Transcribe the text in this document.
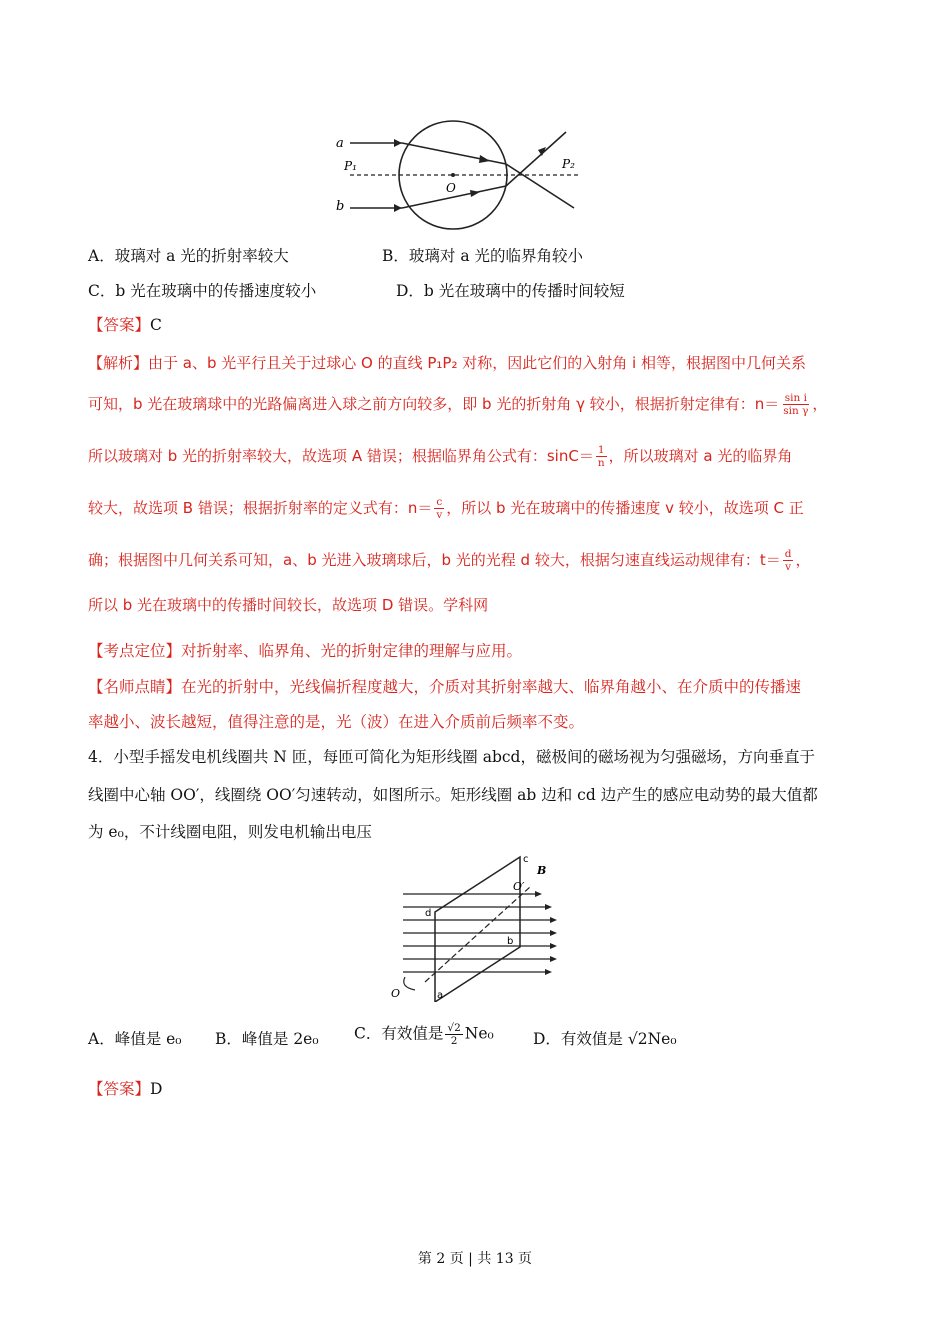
a
P₁
O
P₂
b
A．玻璃对 a 光的折射率较大	B．玻璃对 a 光的临界角较小
C．b 光在玻璃中的传播速度较小	D．b 光在玻璃中的传播时间较短
【答案】C
【解析】由于 a、b 光平行且关于过球心 O 的直线 P₁P₂ 对称，因此它们的入射角 i 相等，根据图中几何关系
可知，b 光在玻璃球中的光路偏离进入球之前方向较多，即 b 光的折射角 γ 较小，根据折射定律有：$n= \frac{\text{sin i}}{\text{sin γ}}$ ，
所以玻璃对 b 光的折射率较大，故选项 A 错误；根据临界角公式有：$\sin C= \frac{1}{n}$ ，所以玻璃对 a 光的临界角
较大，故选项 B 错误；根据折射率的定义式有：$n= \frac{c}{v}$ ，所以 b 光在玻璃中的传播速度 v 较小，故选项 C 正
确；根据图中几何关系可知，a、b 光进入玻璃球后，b 光的光程 d 较大，根据匀速直线运动规律有：$t= \frac{d}{v}$ ，
所以 b 光在玻璃中的传播时间较长，故选项 D 错误。学科网
【考点定位】对折射率、临界角、光的折射定律的理解与应用。
【名师点睛】在光的折射中，光线偏折程度越大，介质对其折射率越大、临界角越小、在介质中的传播速
率越小、波长越短，值得注意的是，光（波）在进入介质前后频率不变。
4．小型手摇发电机线圈共 N 匝，每匝可简化为矩形线圈 abcd，磁极间的磁场视为匀强磁场，方向垂直于
线圈中心轴 OO′，线圈绕 OO′匀速转动，如图所示。矩形线圈 ab 边和 cd 边产生的感应电动势的最大值都
为 e₀，不计线圈电阻，则发电机输出电压
c
B
O′
d
b
O	a
A．峰值是 e₀ B．峰值是 2e₀ C．有效值是 $\frac{√2}{2} Ne_0$	D．有效值是 √2Ne₀
【答案】D
第 2 页 | 共 13 页
